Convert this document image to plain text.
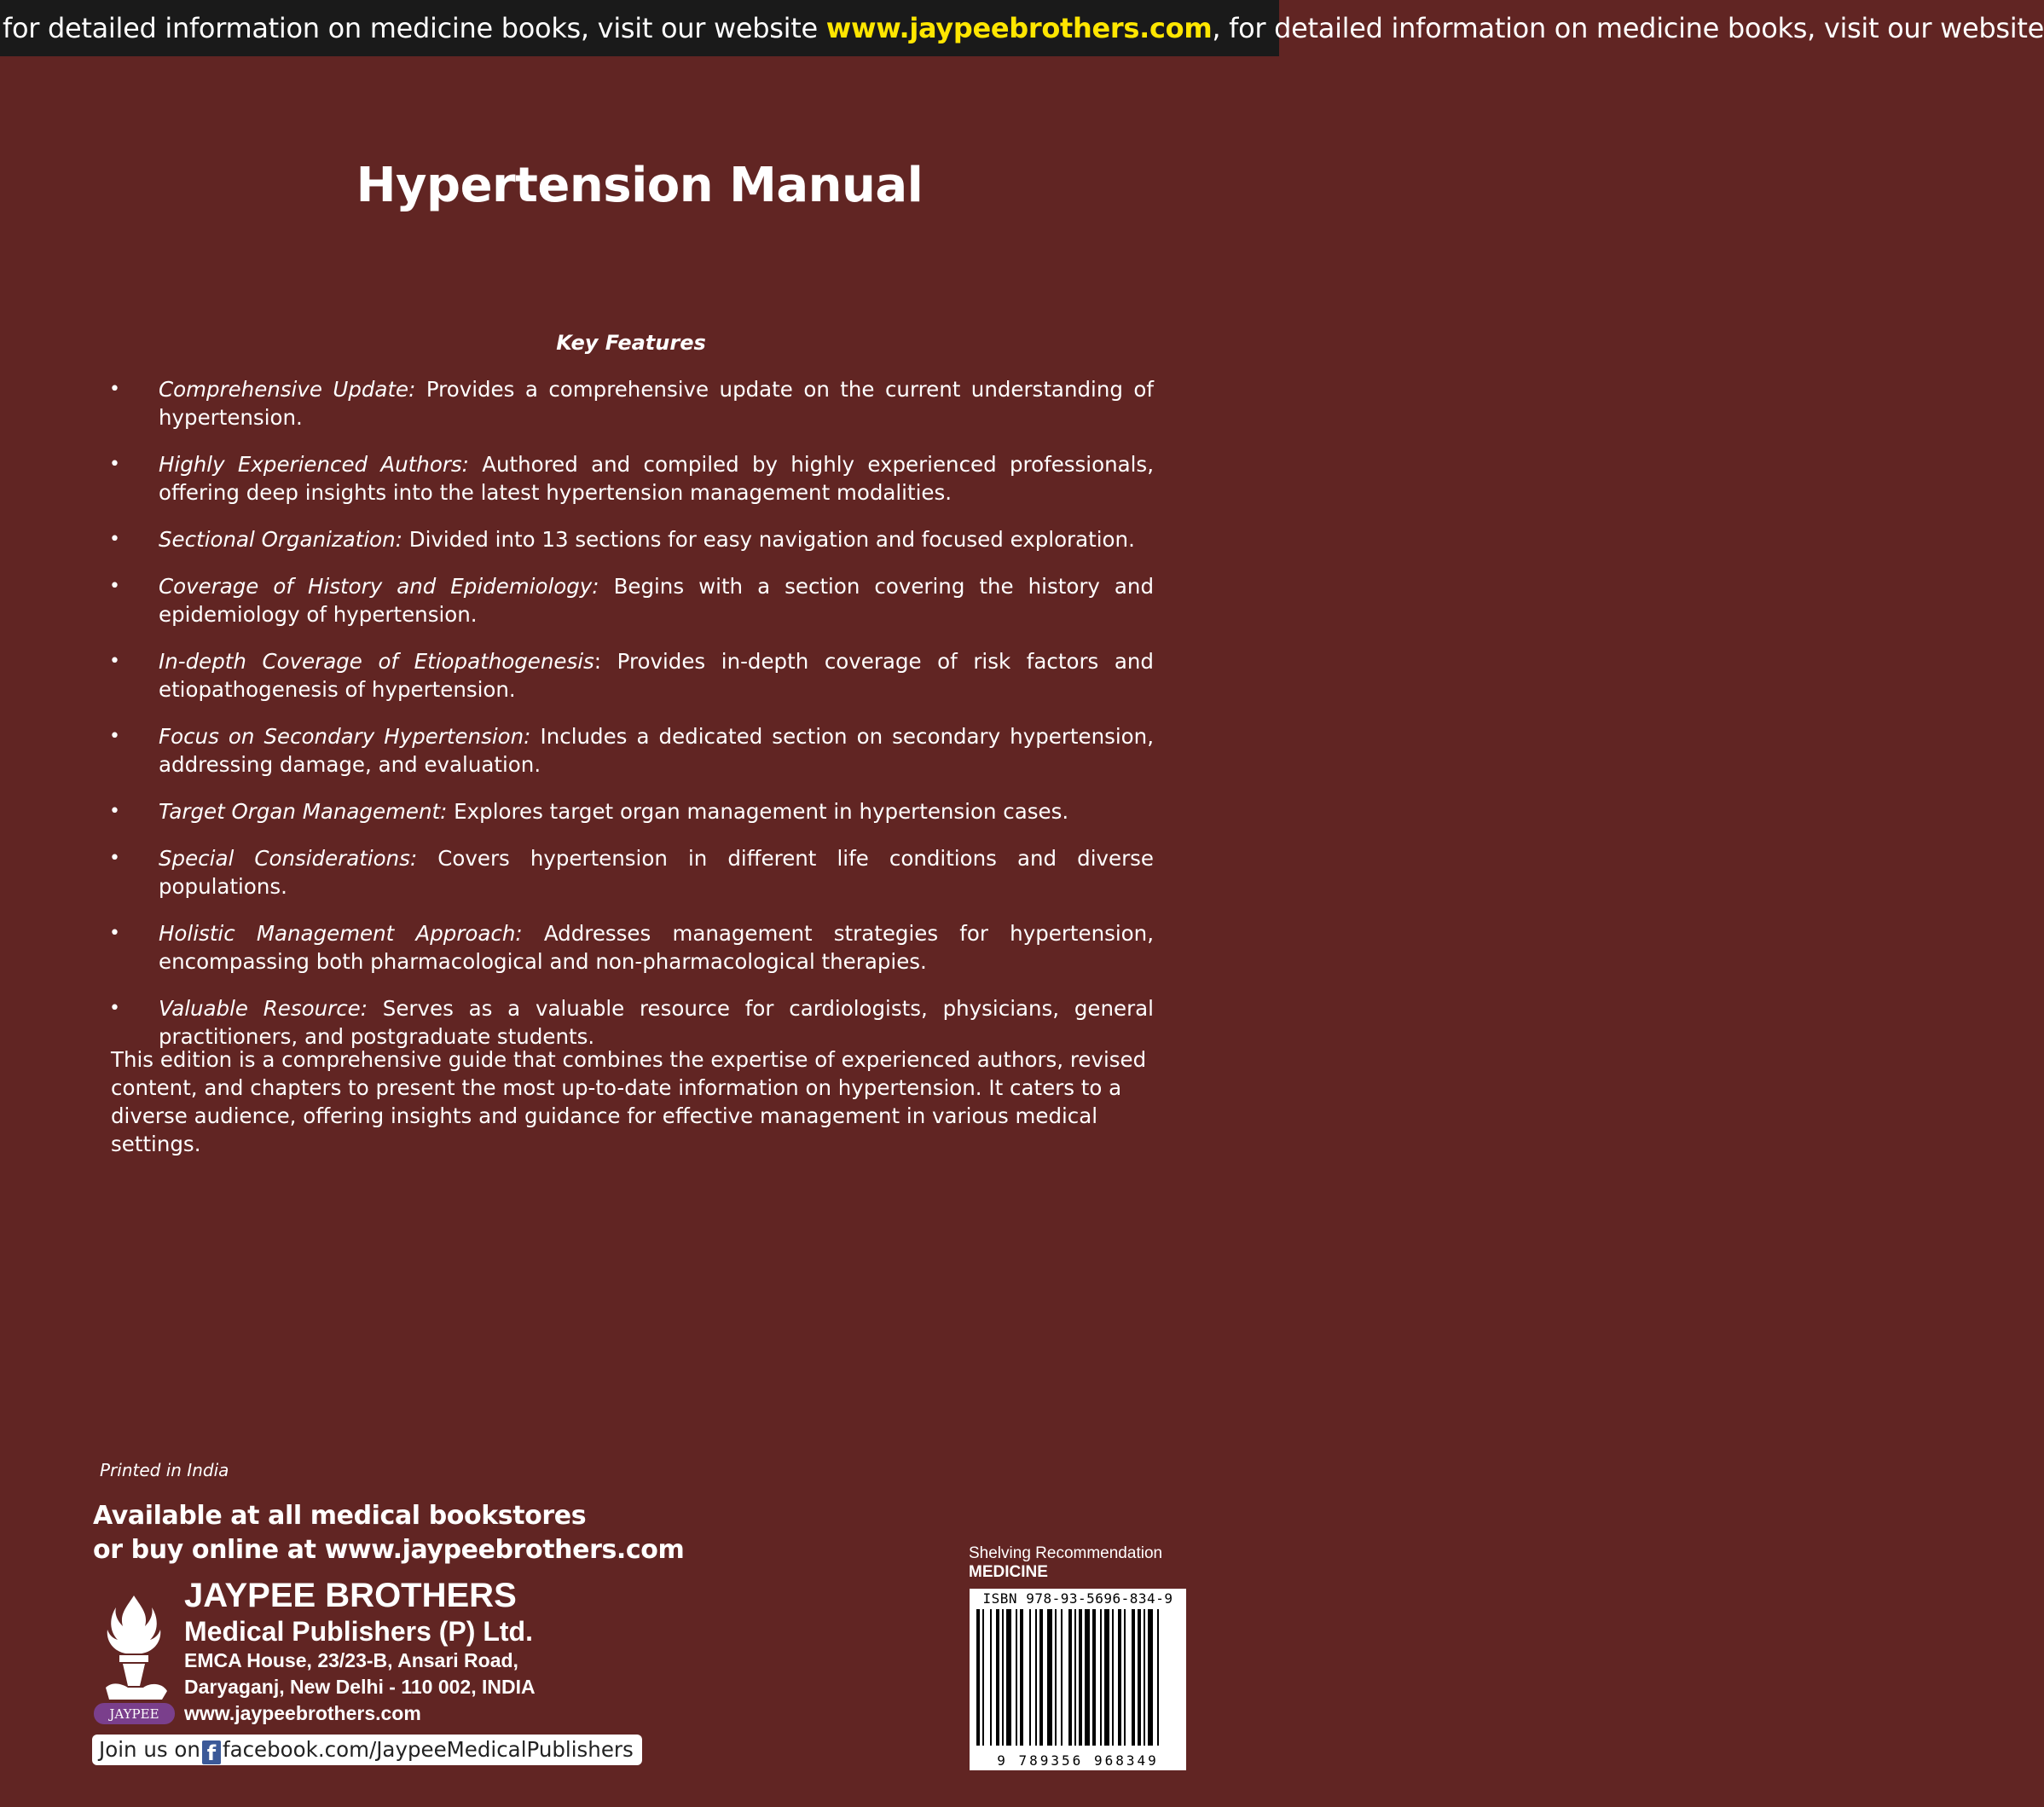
for detailed information on medicine books, visit our website www.jaypeebrothers.com, for detailed information on medicine books, visit our website
Hypertension Manual
Key Features
• Comprehensive Update: Provides a comprehensive update on the current understanding of hypertension.
• Highly Experienced Authors: Authored and compiled by highly experienced professionals, offering deep insights into the latest hypertension management modalities.
• Sectional Organization: Divided into 13 sections for easy navigation and focused exploration.
• Coverage of History and Epidemiology: Begins with a section covering the history and epidemiology of hypertension.
• In-depth Coverage of Etiopathogenesis: Provides in-depth coverage of risk factors and etiopathogenesis of hypertension.
• Focus on Secondary Hypertension: Includes a dedicated section on secondary hypertension, addressing damage, and evaluation.
• Target Organ Management: Explores target organ management in hypertension cases.
• Special Considerations: Covers hypertension in different life conditions and diverse populations.
• Holistic Management Approach: Addresses management strategies for hypertension, encompassing both pharmacological and non-pharmacological therapies.
• Valuable Resource: Serves as a valuable resource for cardiologists, physicians, general practitioners, and postgraduate students.

This edition is a comprehensive guide that combines the expertise of experienced authors, revised content, and chapters to present the most up-to-date information on hypertension. It caters to a diverse audience, offering insights and guidance for effective management in various medical settings.

Printed in India
Available at all medical bookstores
or buy online at www.jaypeebrothers.com
JAYPEE
JAYPEE BROTHERS
Medical Publishers (P) Ltd.
EMCA House, 23/23-B, Ansari Road,
Daryaganj, New Delhi - 110 002, INDIA
www.jaypeebrothers.com
Join us on f facebook.com/JaypeeMedicalPublishers
Shelving Recommendation
MEDICINE
ISBN 978-93-5696-834-9
9 789356 968349
